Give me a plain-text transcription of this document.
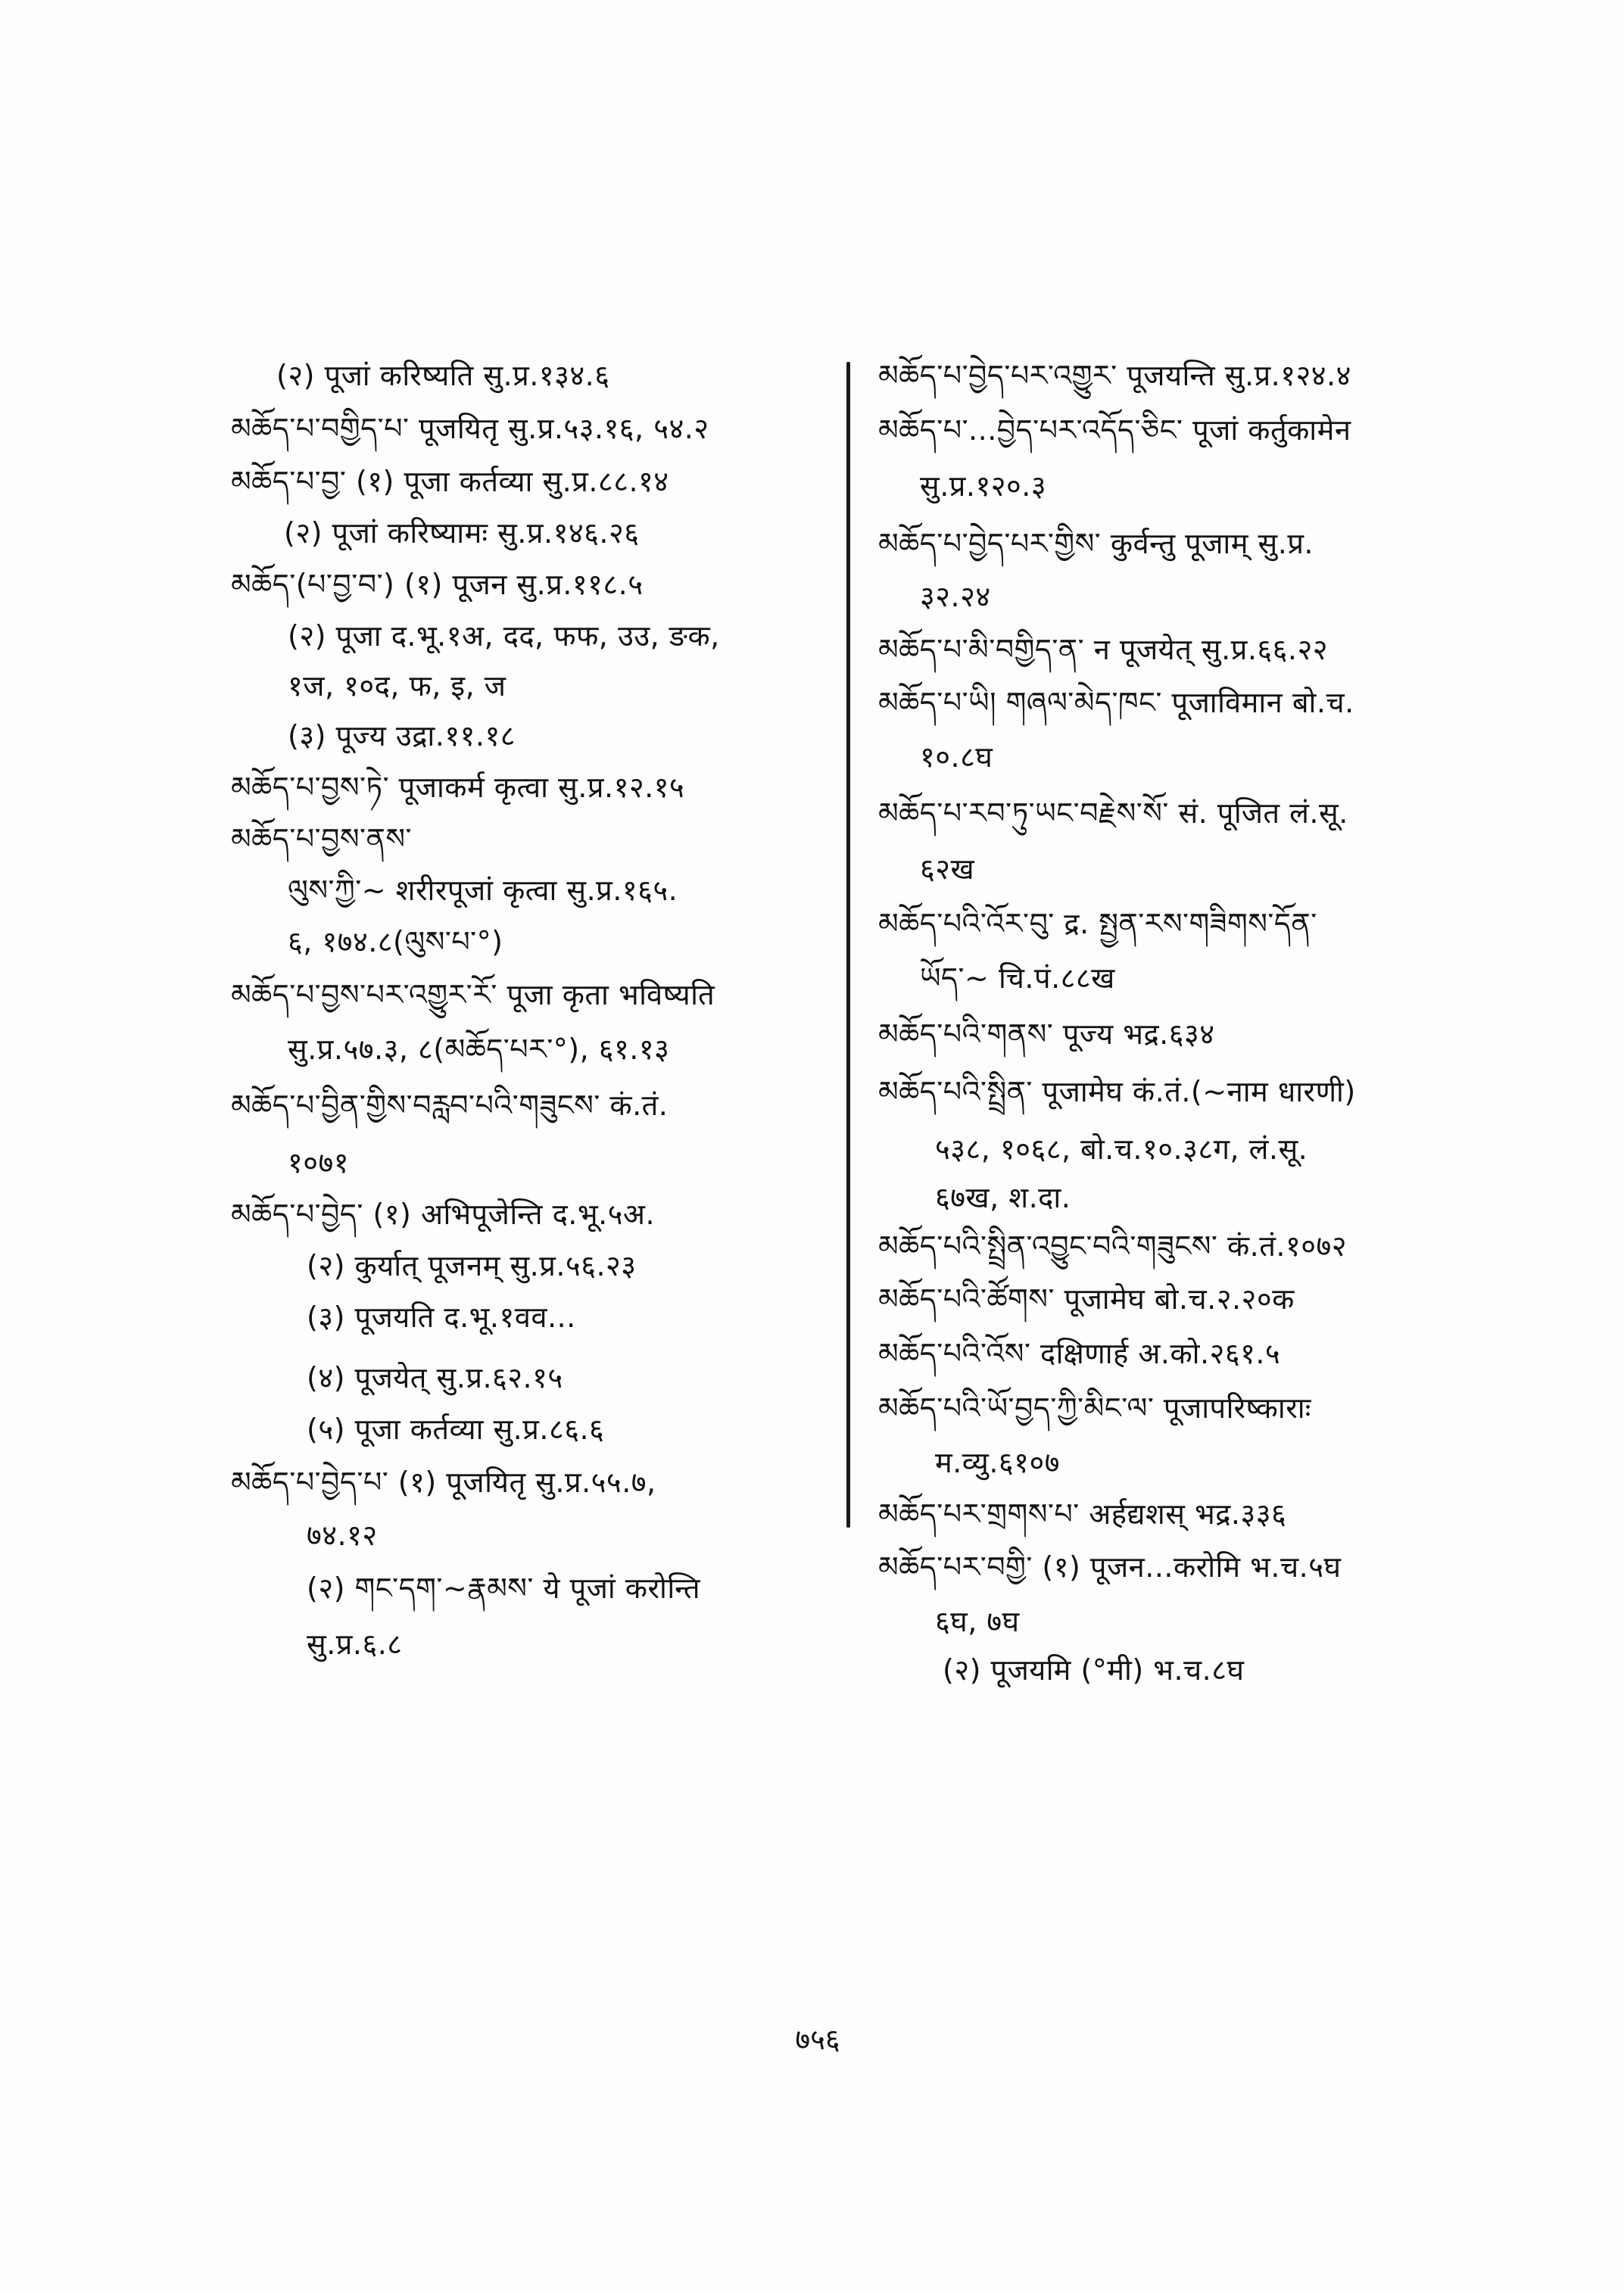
(२) पूजां करिष्यति सु.प्र.१३४.६
མཆོད་པ་བགྱིད་པ་ पूजयितृ सु.प्र.५३.१६, ५४.२
མཆོད་པ་བྱ་ (१) पूजा कर्तव्या सु.प्र.८८.१४
(२) पूजां करिष्यामः सु.प्र.१४६.२६
མཆོད་(པ་བྱ་བ་) (१) पूजन सु.प्र.११८.५
(२) पूजा द.भू.१अ, दद, फफ, उउ, ङक,
१ज, १०द, फ, इ, ज
(३) पूज्य उद्रा.११.१८
མཆོད་པ་བྱས་ཏེ་ पूजाकर्म कृत्वा सु.प्र.१२.१५
མཆོད་པ་བྱས་ནས་
ལུས་ཀྱི་~ शरीरपूजां कृत्वा सु.प्र.१६५.
६, १७४.८(ལུས་པ་°)
མཆོད་པ་བྱས་པར་འགྱུར་རོ་ पूजा कृता भविष्यति
सु.प्र.५७.३, ८(མཆོད་པར་°), ६१.१३
མཆོད་པ་བྱིན་གྱིས་བརླབ་པའི་གཟུངས་ कं.तं.
१०७१
མཆོད་པ་བྱེད་ (१) अभिपूजेन्ति द.भू.५अ.
(२) कुर्यात् पूजनम् सु.प्र.५६.२३
(३) पूजयति द.भू.१वव...
(४) पूजयेत् सु.प्र.६२.१५
(५) पूजा कर्तव्या सु.प्र.८६.६
མཆོད་པ་བྱེད་པ་ (१) पूजयितृ सु.प्र.५५.७,
७४.१२
(२) གང་དག་~རྣམས་ ये पूजां करोन्ति
सु.प्र.६.८
མཆོད་པ་བྱེད་པར་འགྱུར་ पूजयन्ति सु.प्र.१२४.४
མཆོད་པ་...བྱེད་པར་འདོད་ཅིང་ पूजां कर्तुकामेन
सु.प्र.१२०.३
མཆོད་པ་བྱེད་པར་གྱིས་ कुर्वन्तु पूजाम् सु.प्र.
३२.२४
མཆོད་པ་མི་བགྱིད་ན་ न पूजयेत् सु.प्र.६६.२२
མཆོད་པ་ཡི། གཞལ་མེད་ཁང་ पूजाविमान बो.च.
१०.८घ
མཆོད་པ་རབ་ཏུ་ཡང་བརྗེས་སོ་ सं. पूजित लं.सू.
६२ख
མཆོད་པའི་འོར་བུ་ द्र. སྤྱན་རས་གཟིགས་དོན་
ཡོད་~ चि.पं.८८ख
མཆོད་པའི་གནས་ पूज्य भद्र.६३४
མཆོད་པའི་སྤྲིན་ पूजामेघ कं.तं.(~नाम धारणी)
५३८, १०६८, बो.च.१०.३८ग, लं.सू.
६७ख, श.दा.
མཆོད་པའི་སྤྲིན་འབྱུང་བའི་གཟུངས་ कं.तं.१०७२
མཆོད་པའི་ཚོགས་ पूजामेघ बो.च.२.२०क
མཆོད་པའི་འོས་ दक्षिणार्ह अ.को.२६१.५
མཆོད་པའི་ཡོ་བྱད་ཀྱི་མིང་ལ་ पूजापरिष्काराः
म.व्यु.६१०७
མཆོད་པར་གྲགས་པ་ अर्हद्यशस् भद्र.३३६
མཆོད་པར་བགྱི་ (१) पूजन...करोमि भ.च.५घ
६घ, ७घ
(२) पूजयमि (°मी) भ.च.८घ
७५६
